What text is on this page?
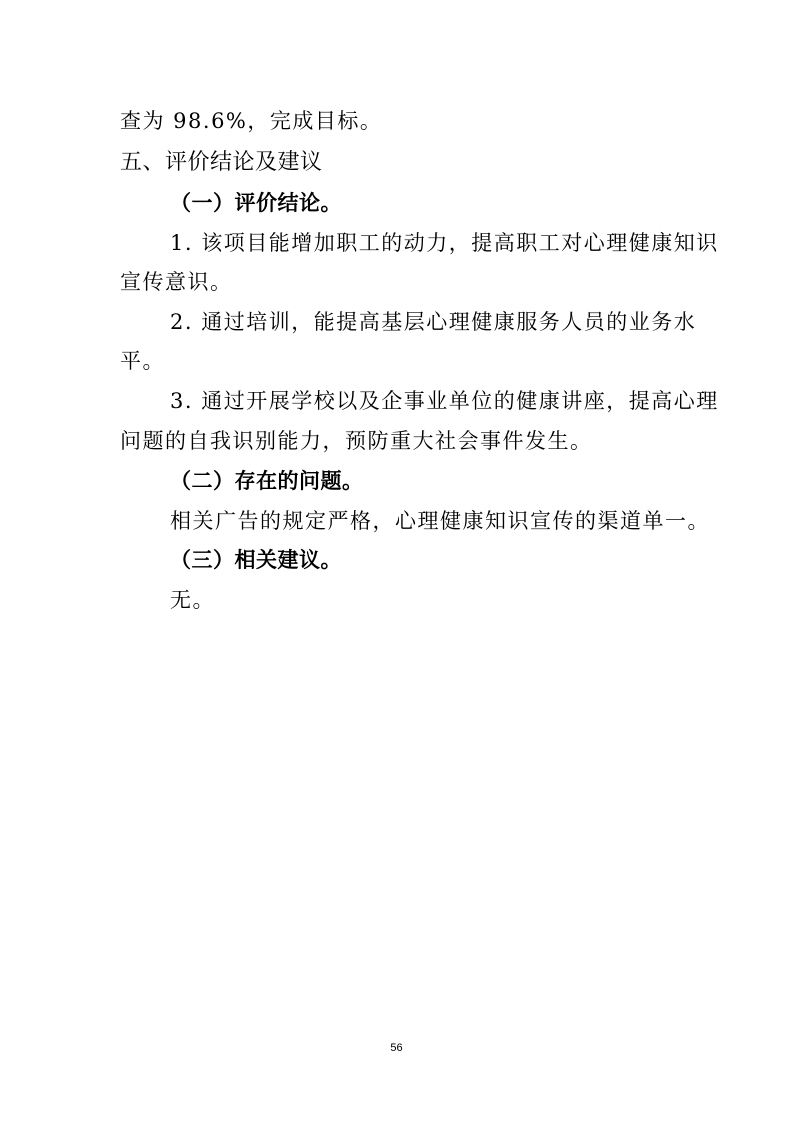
查为 98.6%，完成目标。
五、评价结论及建议
（一）评价结论。
1. 该项目能增加职工的动力，提高职工对心理健康知识
宣传意识。
2. 通过培训，能提高基层心理健康服务人员的业务水
平。
3. 通过开展学校以及企事业单位的健康讲座，提高心理
问题的自我识别能力，预防重大社会事件发生。
（二）存在的问题。
相关广告的规定严格，心理健康知识宣传的渠道单一。
（三）相关建议。
无。
56
